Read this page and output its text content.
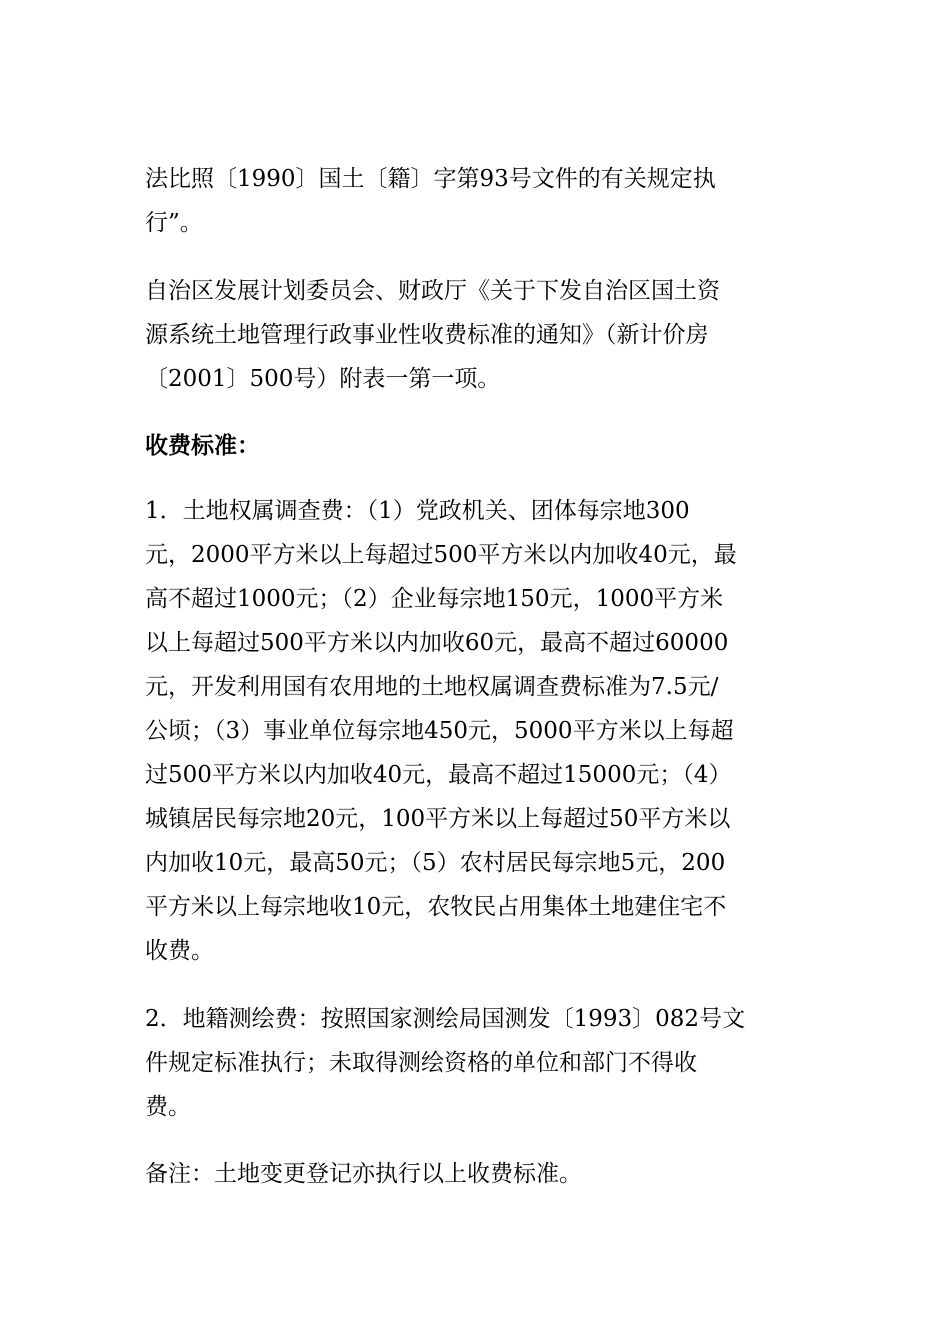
法比照〔1990〕国土〔籍〕字第93号文件的有关规定执
行”。
自治区发展计划委员会、财政厅《关于下发自治区国土资
源系统土地管理行政事业性收费标准的通知》（新计价房
〔2001〕500号）附表一第一项。
收费标准：
1．土地权属调查费：（1）党政机关、团体每宗地300
元，2000平方米以上每超过500平方米以内加收40元，最
高不超过1000元；（2）企业每宗地150元，1000平方米
以上每超过500平方米以内加收60元，最高不超过60000
元，开发利用国有农用地的土地权属调查费标准为7.5元/
公顷；（3）事业单位每宗地450元，5000平方米以上每超
过500平方米以内加收40元，最高不超过15000元；（4）
城镇居民每宗地20元，100平方米以上每超过50平方米以
内加收10元，最高50元；（5）农村居民每宗地5元，200
平方米以上每宗地收10元，农牧民占用集体土地建住宅不
收费。
2．地籍测绘费：按照国家测绘局国测发〔1993〕082号文
件规定标准执行；未取得测绘资格的单位和部门不得收
费。
备注：土地变更登记亦执行以上收费标准。
